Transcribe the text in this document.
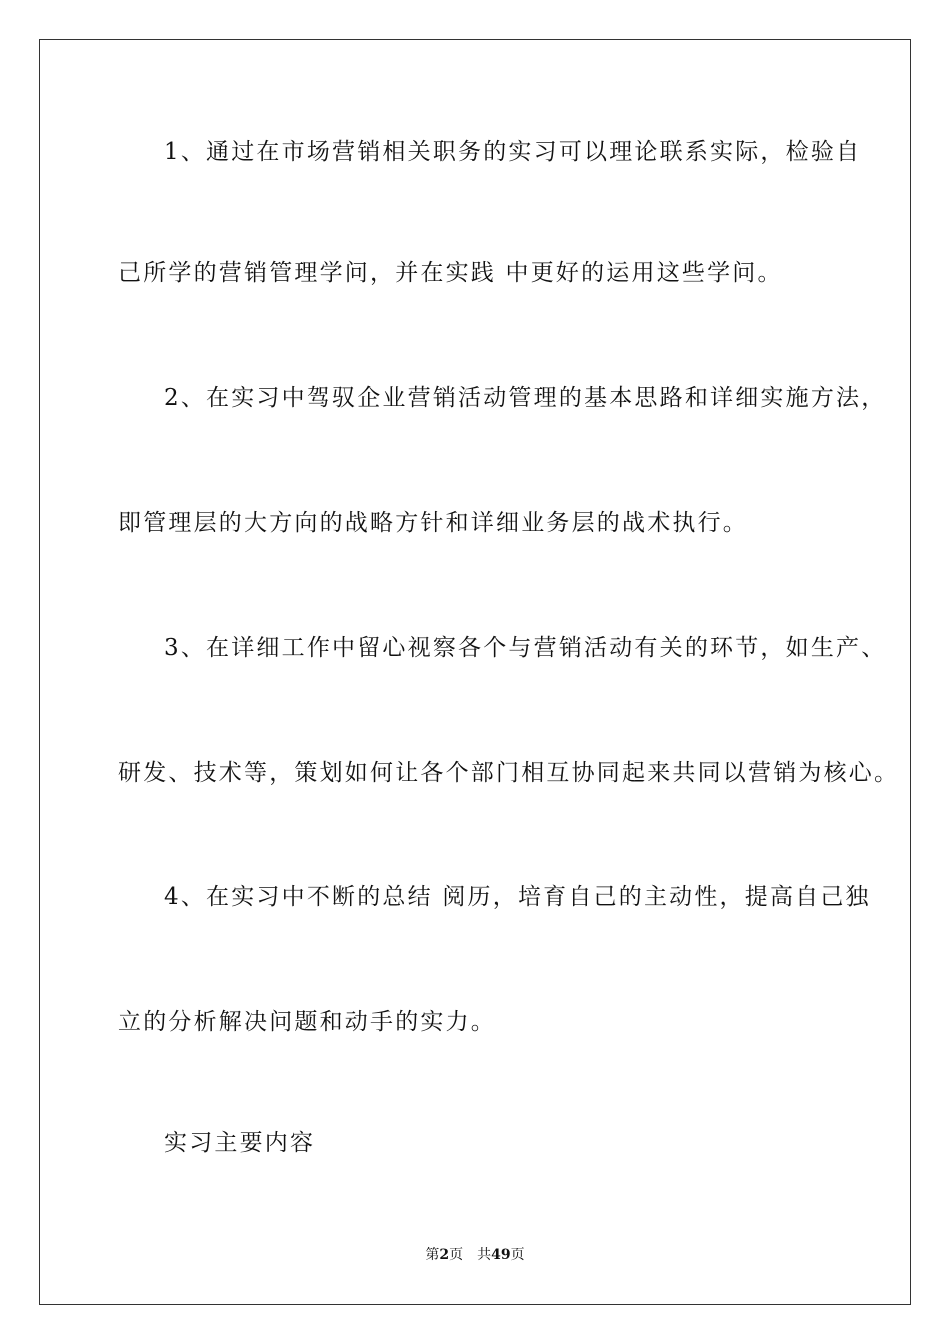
1、通过在市场营销相关职务的实习可以理论联系实际，检验自
己所学的营销管理学问，并在实践 中更好的运用这些学问。
2、在实习中驾驭企业营销活动管理的基本思路和详细实施方法，
即管理层的大方向的战略方针和详细业务层的战术执行。
3、在详细工作中留心视察各个与营销活动有关的环节，如生产、
研发、技术等，策划如何让各个部门相互协同起来共同以营销为核心。
4、在实习中不断的总结 阅历，培育自己的主动性，提高自己独
立的分析解决问题和动手的实力。
实习主要内容
第2页 共49页
